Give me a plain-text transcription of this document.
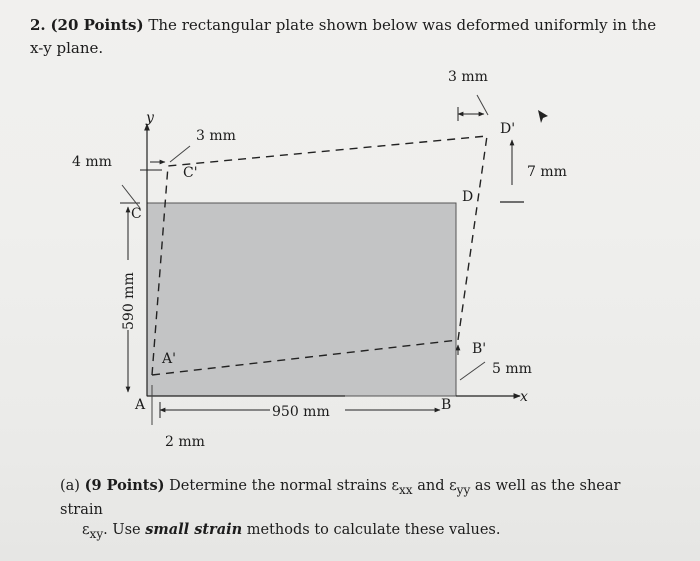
2. (20 Points) The rectangular plate shown below was deformed uniformly in the x-y plane.
y
x
3 mm
3 mm
4 mm
7 mm
5 mm
2 mm
950 mm
590 mm
A	B
C
D
A'
B'
C'
D'
(a) (9 Points) Determine the normal strains $\varepsilon_{xx}$ and $\varepsilon_{yy}$ as well as the shear strain
$\varepsilon_{xy}$. Use small strain methods to calculate these values.
